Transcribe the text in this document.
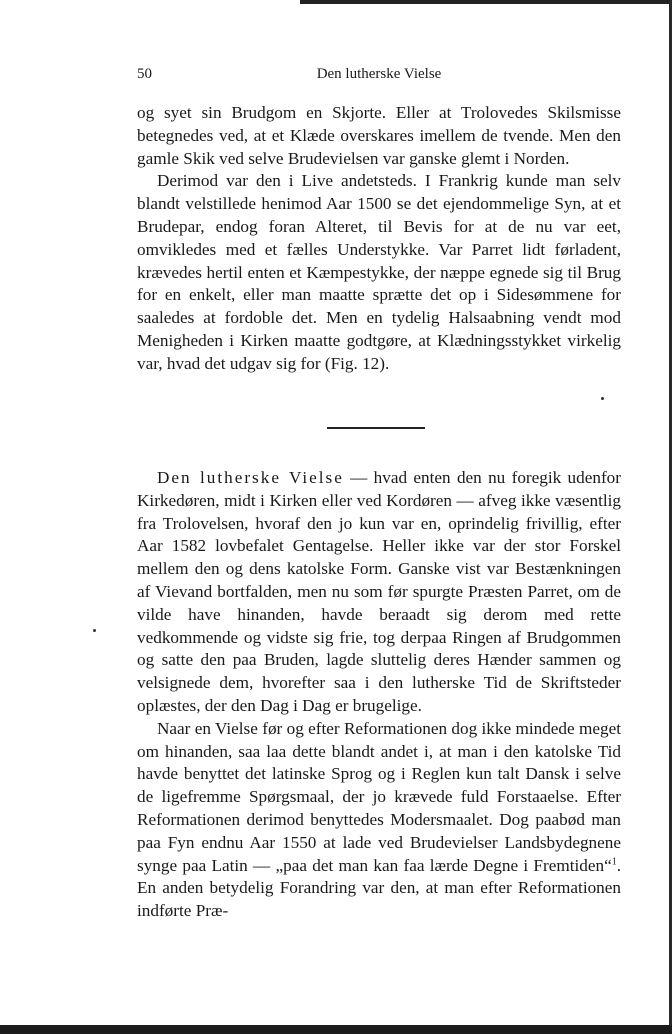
50	Den lutherske Vielse

og syet sin Brudgom en Skjorte. Eller at Trolovedes Skilsmisse betegnedes ved, at et Klæde overskares imellem de tvende. Men den gamle Skik ved selve Brudevielsen var ganske glemt i Norden.

Derimod var den i Live andetsteds. I Frankrig kunde man selv blandt velstillede henimod Aar 1500 se det ejendommelige Syn, at et Brudepar, endog foran Alteret, til Bevis for at de nu var eet, omvikledes med et fælles Understykke. Var Parret lidt førladent, krævedes hertil enten et Kæmpestykke, der næppe egnede sig til Brug for en enkelt, eller man maatte sprætte det op i Sidesømmene for saaledes at fordoble det. Men en tydelig Halsaabning vendt mod Menigheden i Kirken maatte godtgøre, at Klædningsstykket virkelig var, hvad det udgav sig for (Fig. 12).

Den lutherske Vielse — hvad enten den nu foregik udenfor Kirkedøren, midt i Kirken eller ved Kordøren — afveg ikke væsentlig fra Trolovelsen, hvoraf den jo kun var en, oprindelig frivillig, efter Aar 1582 lovbefalet Gentagelse. Heller ikke var der stor Forskel mellem den og dens katolske Form. Ganske vist var Bestænkningen af Vievand bortfalden, men nu som før spurgte Præsten Parret, om de vilde have hinanden, havde beraadt sig derom med rette vedkommende og vidste sig frie, tog derpaa Ringen af Brudgommen og satte den paa Bruden, lagde sluttelig deres Hænder sammen og velsignede dem, hvorefter saa i den lutherske Tid de Skriftsteder oplæstes, der den Dag i Dag er brugelige.

Naar en Vielse før og efter Reformationen dog ikke mindede meget om hinanden, saa laa dette blandt andet i, at man i den katolske Tid havde benyttet det latinske Sprog og i Reglen kun talt Dansk i selve de ligefremme Spørgsmaal, der jo krævede fuld Forstaaelse. Efter Reformationen derimod benyttedes Modersmaalet. Dog paabød man paa Fyn endnu Aar 1550 at lade ved Brudevielser Landsbydegnene synge paa Latin — „paa det man kan faa lærde Degne i Fremtiden“$^1$. En anden betydelig Forandring var den, at man efter Reformationen indførte Præ-
